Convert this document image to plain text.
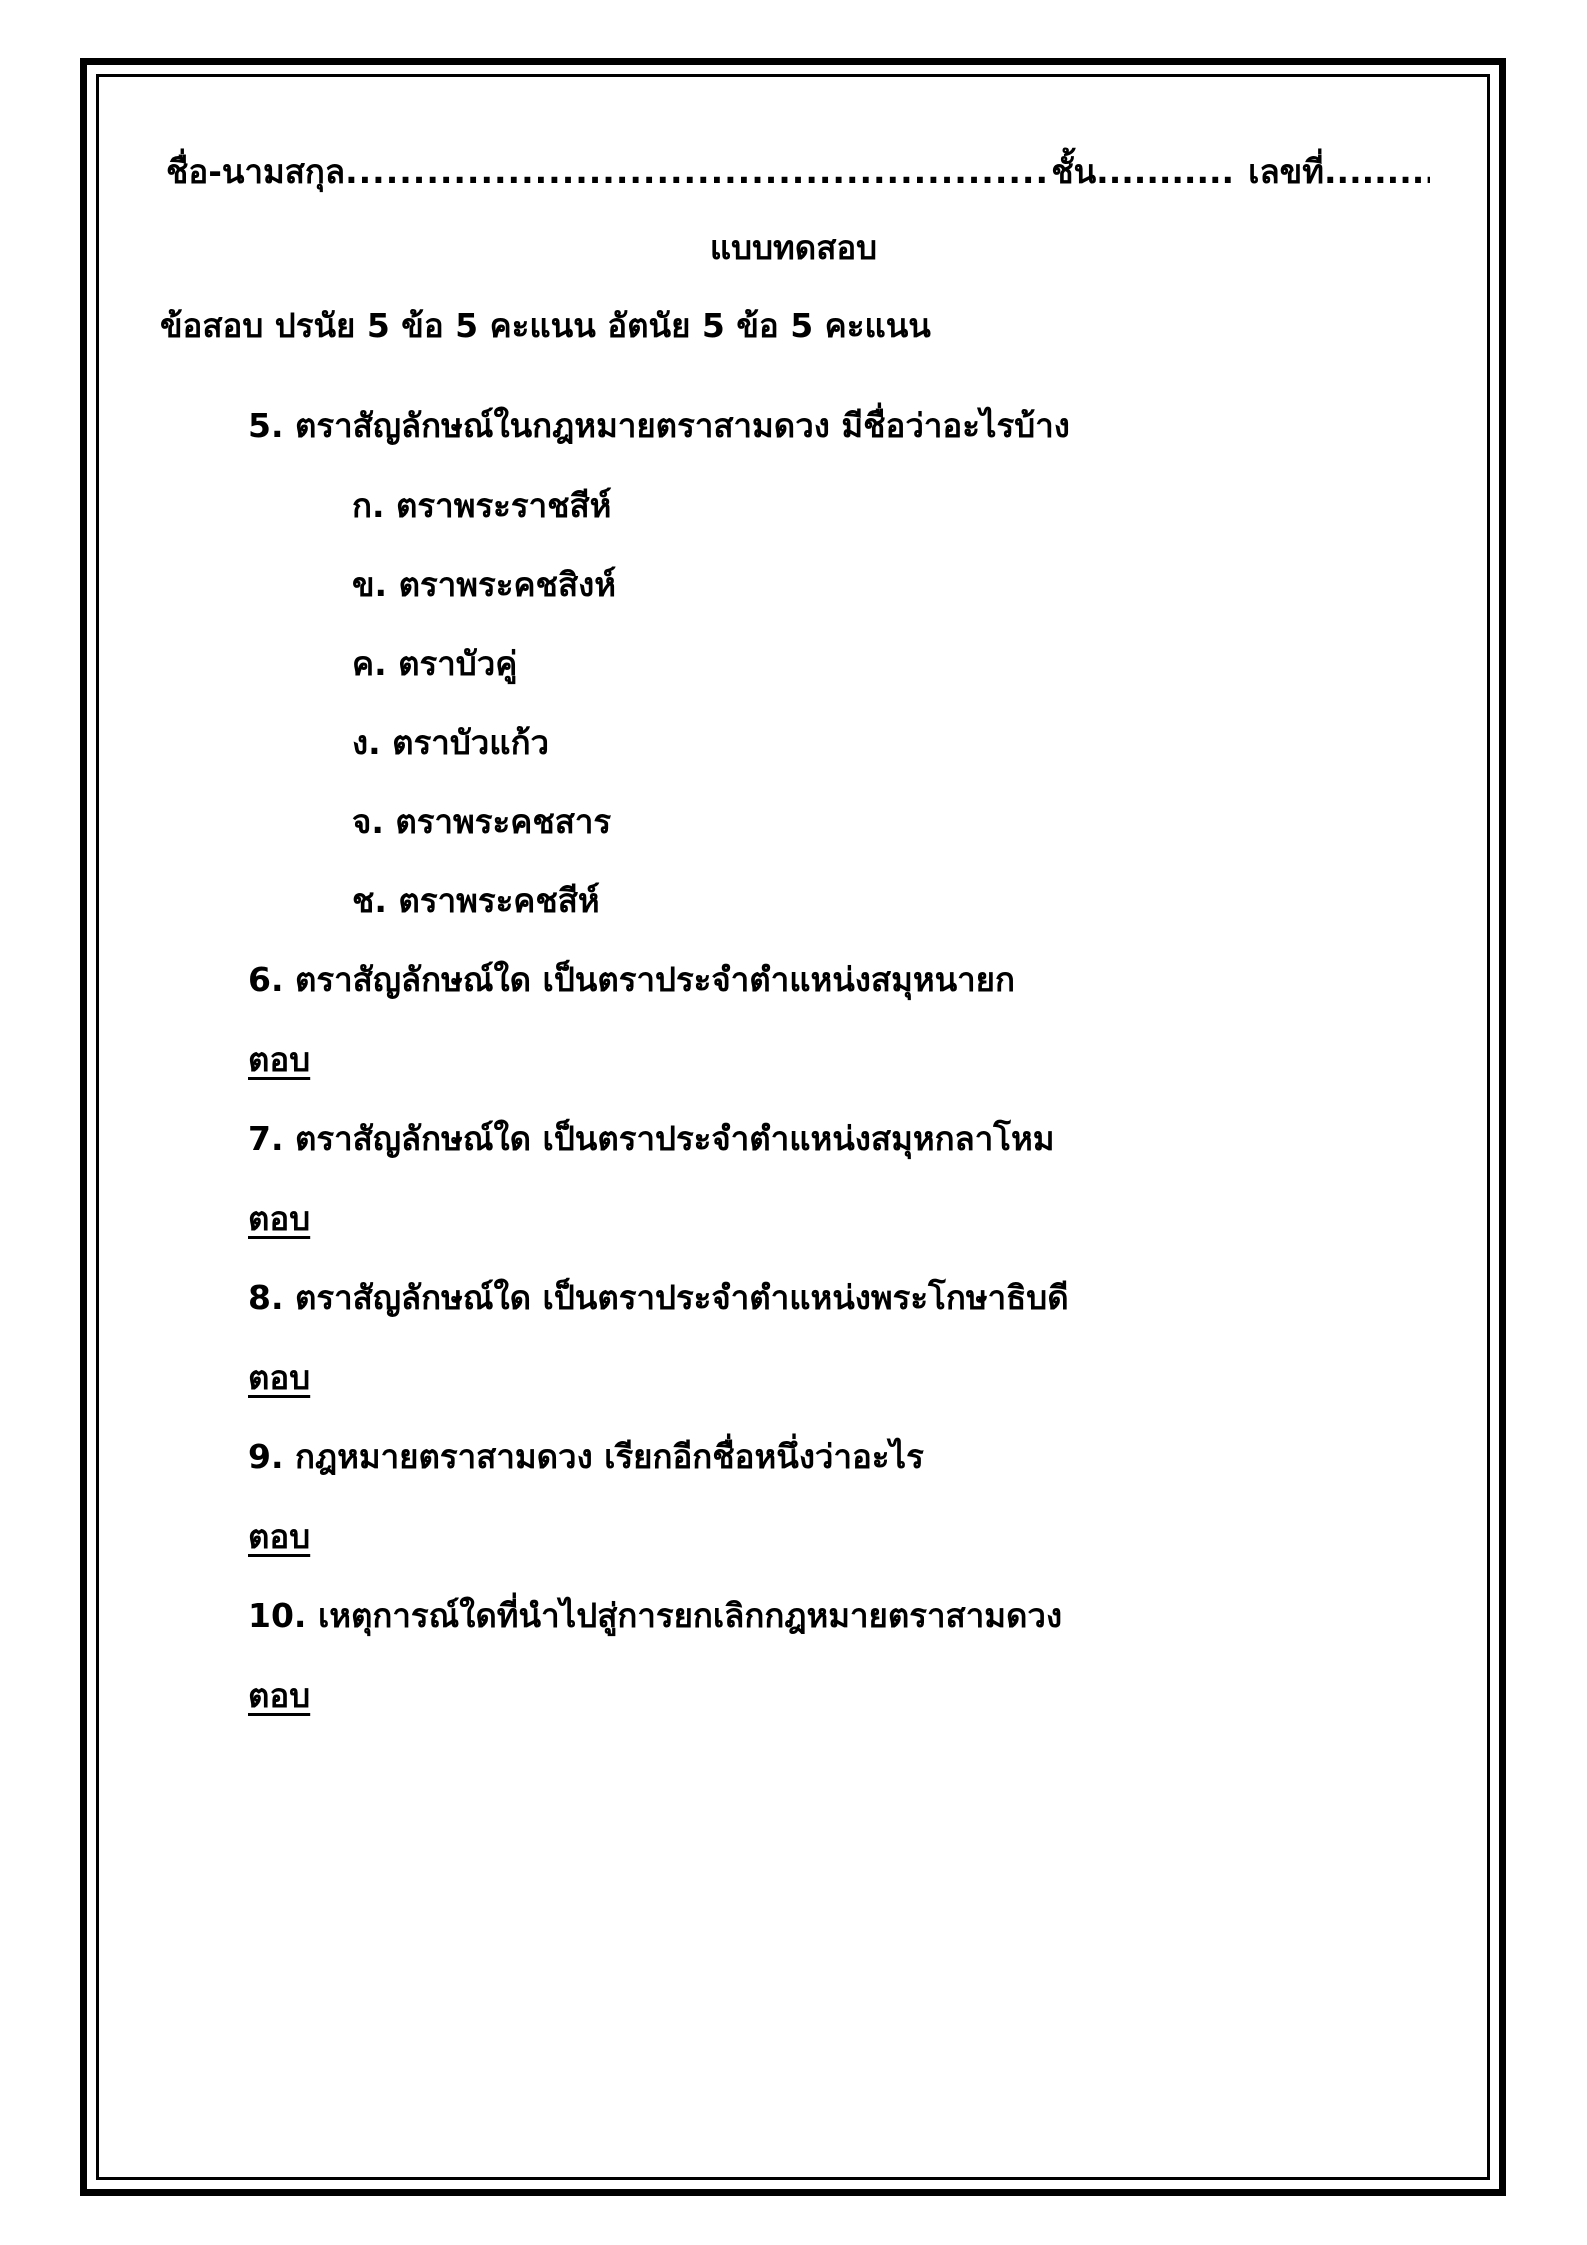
ชื่อ-นามสกุล .....	ชั้น .....	เลขที่
.....
แบบทดสอบ
ข้อสอบ ปรนัย 5 ข้อ 5 คะแนน อัตนัย 5 ข้อ 5 คะแนน
5. ตราสัญลักษณ์ในกฎหมายตราสามดวง มีชื่อว่าอะไรบ้าง
ก. ตราพระราชสีห์
ข. ตราพระคชสิงห์
ค. ตราบัวคู่
ง. ตราบัวแก้ว
จ. ตราพระคชสาร
ช. ตราพระคชสีห์
6. ตราสัญลักษณ์ใด เป็นตราประจำตำแหน่งสมุหนายก
ตอบ
7. ตราสัญลักษณ์ใด เป็นตราประจำตำแหน่งสมุหกลาโหม
ตอบ
8. ตราสัญลักษณ์ใด เป็นตราประจำตำแหน่งพระโกษาธิบดี
ตอบ
9. กฎหมายตราสามดวง เรียกอีกชื่อหนึ่งว่าอะไร
ตอบ
10. เหตุการณ์ใดที่นำไปสู่การยกเลิกกฎหมายตราสามดวง
ตอบ
